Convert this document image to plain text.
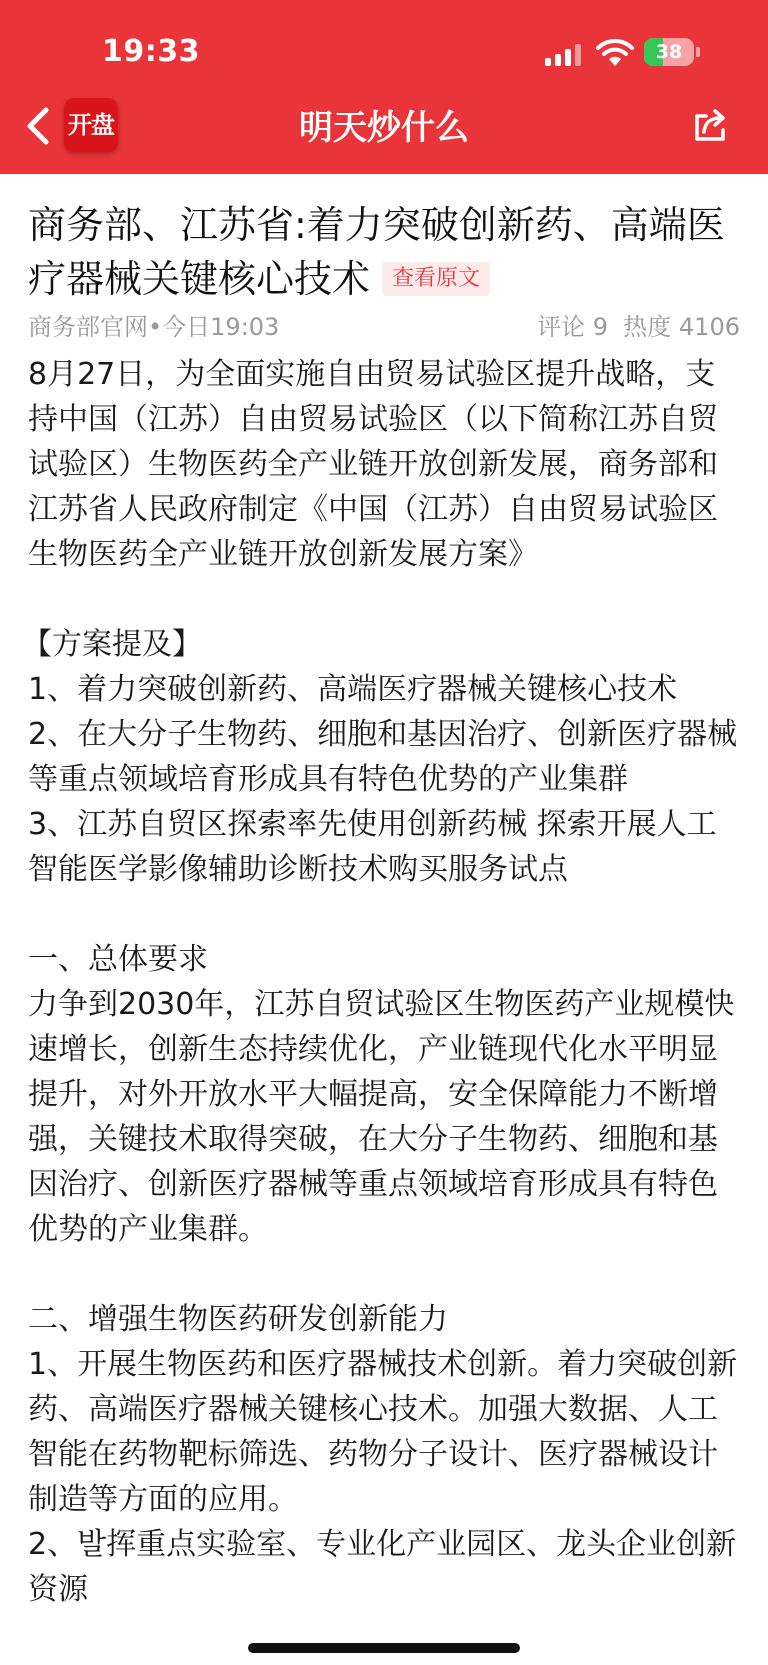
19:33	38
开盘	明天炒什么
商务部、江苏省:着力突破创新药、高端医疗器械关键核心技术 查看原文
商务部官网•今日19:03	评论 9 热度 4106

8月27日，为全面实施自由贸易试验区提升战略，支持中国（江苏）自由贸易试验区（以下简称江苏自贸试验区）生物医药全产业链开放创新发展，商务部和江苏省人民政府制定《中国（江苏）自由贸易试验区生物医药全产业链开放创新发展方案》

【方案提及】

1、着力突破创新药、高端医疗器械关键核心技术

2、在大分子生物药、细胞和基因治疗、创新医疗器械等重点领域培育形成具有特色优势的产业集群

3、江苏自贸区探索率先使用创新药械 探索开展人工智能医学影像辅助诊断技术购买服务试点

一、总体要求

力争到2030年，江苏自贸试验区生物医药产业规模快速增长，创新生态持续优化，产业链现代化水平明显提升，对外开放水平大幅提高，安全保障能力不断增强，关键技术取得突破，在大分子生物药、细胞和基因治疗、创新医疗器械等重点领域培育形成具有特色优势的产业集群。

二、增强生物医药研发创新能力

1、开展生物医药和医疗器械技术创新。着力突破创新药、高端医疗器械关键核心技术。加强大数据、人工智能在药物靶标筛选、药物分子设计、医疗器械设计制造等方面的应用。

2、발挥重点实验室、专业化产业园区、龙头企业创新资源
